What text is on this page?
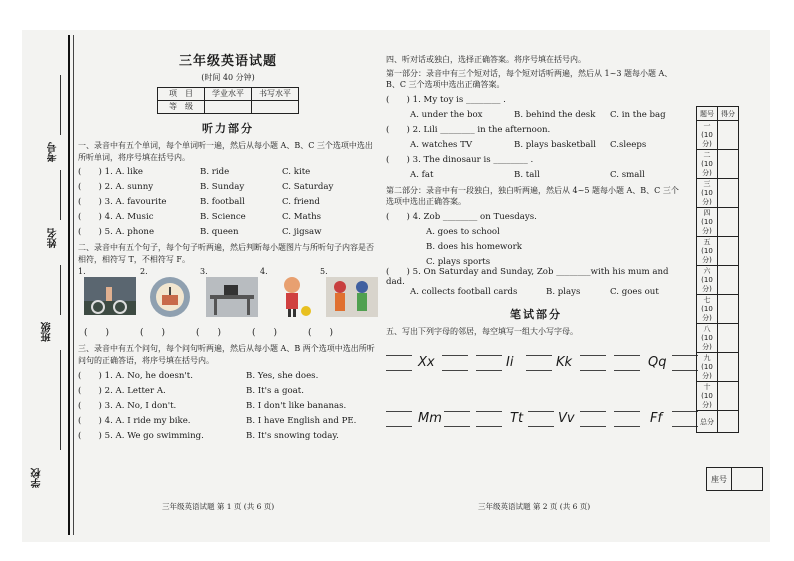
考号
姓名
班级
学校
三年级英语试题
(时间 40 分钟)
项　目	学业水平	书写水平
等　级		
听力部分
一、录音中有五个单词，每个单词听一遍，然后从每小题 A、B、C 三个选项中选出所听单词，将序号填在括号内。
(　　) 1. A. like	B. ride	C. kite
(　　) 2. A. sunny	B. Sunday	C. Saturday
(　　) 3. A. favourite	B. football	C. friend
(　　) 4. A. Music	B. Science	C. Maths
(　　) 5. A. phone	B. queen	C. jigsaw
二、录音中有五个句子，每个句子听两遍，然后判断每小题图片与所听句子内容是否相符，相符写 T，不相符写 F。
1.	2.	3.	4.	5.
(　　)	(　　)	(　　)	(　　)	(　　)
三、录音中有五个问句，每个问句听两遍，然后从每小题 A、B 两个选项中选出所听问句的正确答语，将序号填在括号内。
(　　) 1. A. No, he doesn't.	B. Yes, she does.
(　　) 2. A. Letter A.	B. It's a goat.
(　　) 3. A. No, I don't.	B. I don't like bananas.
(　　) 4. A. I ride my bike.	B. I have English and PE.
(　　) 5. A. We go swimming.	B. It's snowing today.
三年级英语试题 第 1 页 (共 6 页)
四、听对话或独白，选择正确答案。将序号填在括号内。
第一部分：录音中有三个短对话，每个短对话听两遍，然后从 1~3 题每小题 A、B、C 三个选项中选出正确答案。
(　　) 1. My toy is ________ .
A. under the box	B. behind the desk	C. in the bag
(　　) 2. Lili ________ in the afternoon.
A. watches TV	B. plays basketball	C.sleeps
(　　) 3. The dinosaur is ________ .
A. fat	B. tall	C. small
第二部分：录音中有一段独白，独白听两遍，然后从 4~5 题每小题 A、B、C 三个选项中选出正确答案。
(　　) 4. Zob ________ on Tuesdays.
A. goes to school
B. does his homework
C. plays sports
(　　) 5. On Saturday and Sunday, Zob ________with his mum and dad.
A. collects football cards	B. plays	C. goes out
笔试部分
五、写出下列字母的邻居，每空填写一组大小写字母。
Xx	Ii	Kk	Qq
Mm	Tt	Vv	Ff
三年级英语试题 第 2 页 (共 6 页)
题号	得分
一
(10 分)	
二
(10 分)	
三
(10 分)	
四
(10 分)	
五
(10 分)	
六
(10 分)	
七
(10 分)	
八
(10 分)	
九
(10 分)	
十
(10 分)	
总分	
座号	
